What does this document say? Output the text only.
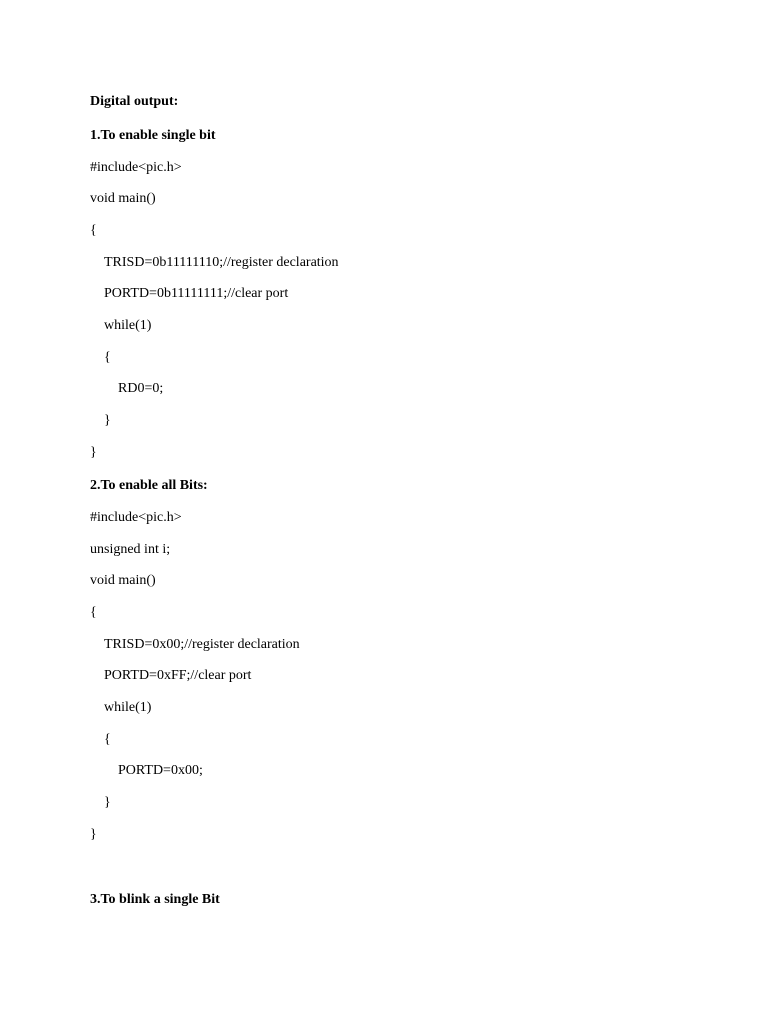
Digital output:
1.To enable single bit
#include<pic.h>
void main()
{
TRISD=0b11111110;//register declaration
PORTD=0b11111111;//clear port
while(1)
{
RD0=0;
}
}
2.To enable all Bits:
#include<pic.h>
unsigned int i;
void main()
{
TRISD=0x00;//register declaration
PORTD=0xFF;//clear port
while(1)
{
PORTD=0x00;
}
}
3.To blink a single Bit
